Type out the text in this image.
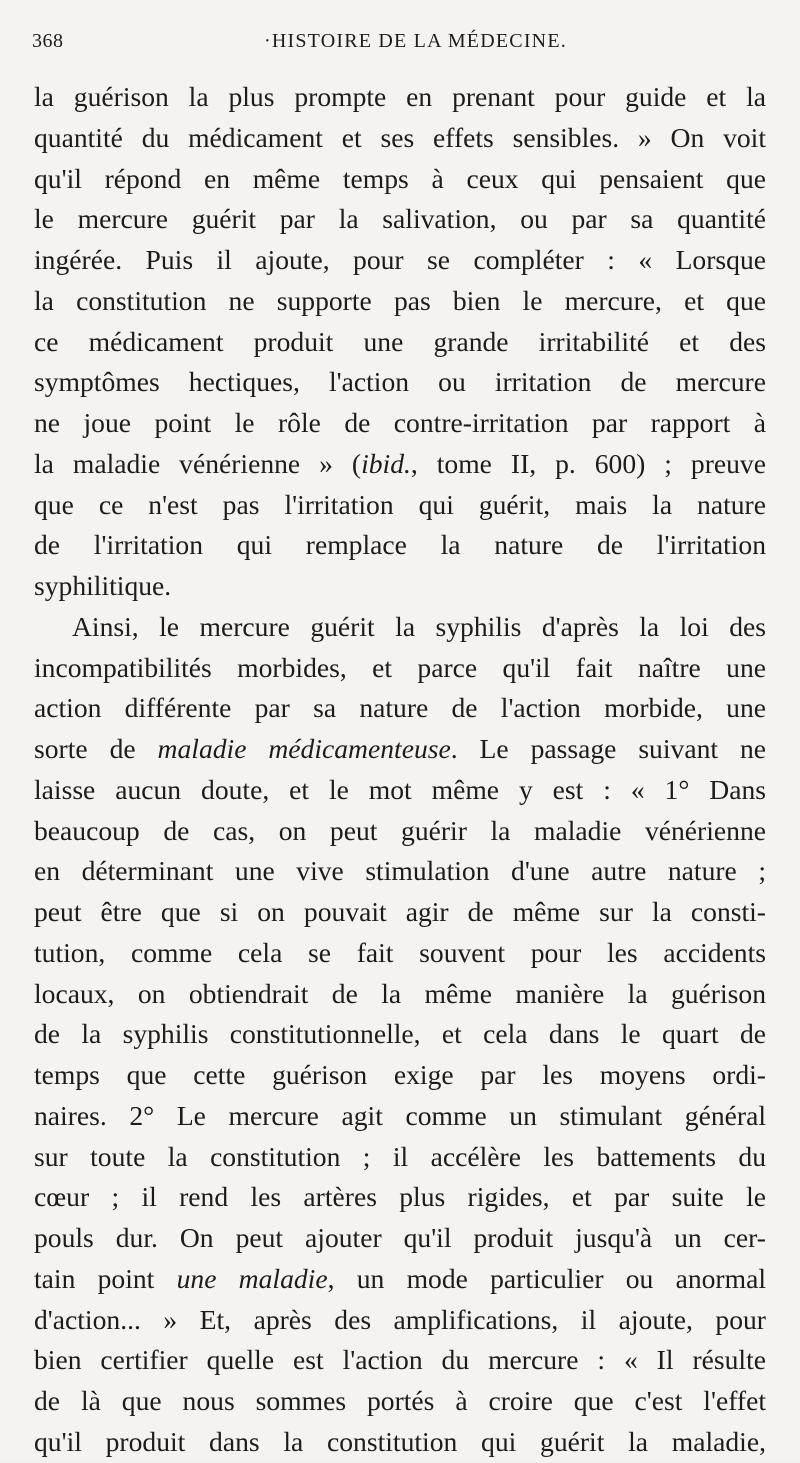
368	·HISTOIRE DE LA MÉDECINE.
la guérison la plus prompte en prenant pour guide et la
quantité du médicament et ses effets sensibles. » On voit
qu'il répond en même temps à ceux qui pensaient que
le mercure guérit par la salivation, ou par sa quantité
ingérée. Puis il ajoute, pour se compléter : « Lorsque
la constitution ne supporte pas bien le mercure, et que
ce médicament produit une grande irritabilité et des
symptômes hectiques, l'action ou irritation de mercure
ne joue point le rôle de contre-irritation par rapport à
la maladie vénérienne » (ibid., tome II, p. 600) ; preuve
que ce n'est pas l'irritation qui guérit, mais la nature
de l'irritation qui remplace la nature de l'irritation
syphilitique.
Ainsi, le mercure guérit la syphilis d'après la loi des
incompatibilités morbides, et parce qu'il fait naître une
action différente par sa nature de l'action morbide, une
sorte de maladie médicamenteuse. Le passage suivant ne
laisse aucun doute, et le mot même y est : « 1° Dans
beaucoup de cas, on peut guérir la maladie vénérienne
en déterminant une vive stimulation d'une autre nature ;
peut être que si on pouvait agir de même sur la consti-
tution, comme cela se fait souvent pour les accidents
locaux, on obtiendrait de la même manière la guérison
de la syphilis constitutionnelle, et cela dans le quart de
temps que cette guérison exige par les moyens ordi-
naires. 2° Le mercure agit comme un stimulant général
sur toute la constitution ; il accélère les battements du
cœur ; il rend les artères plus rigides, et par suite le
pouls dur. On peut ajouter qu'il produit jusqu'à un cer-
tain point une maladie, un mode particulier ou anormal
d'action... » Et, après des amplifications, il ajoute, pour
bien certifier quelle est l'action du mercure : « Il résulte
de là que nous sommes portés à croire que c'est l'effet
qu'il produit dans la constitution qui guérit la maladie,
